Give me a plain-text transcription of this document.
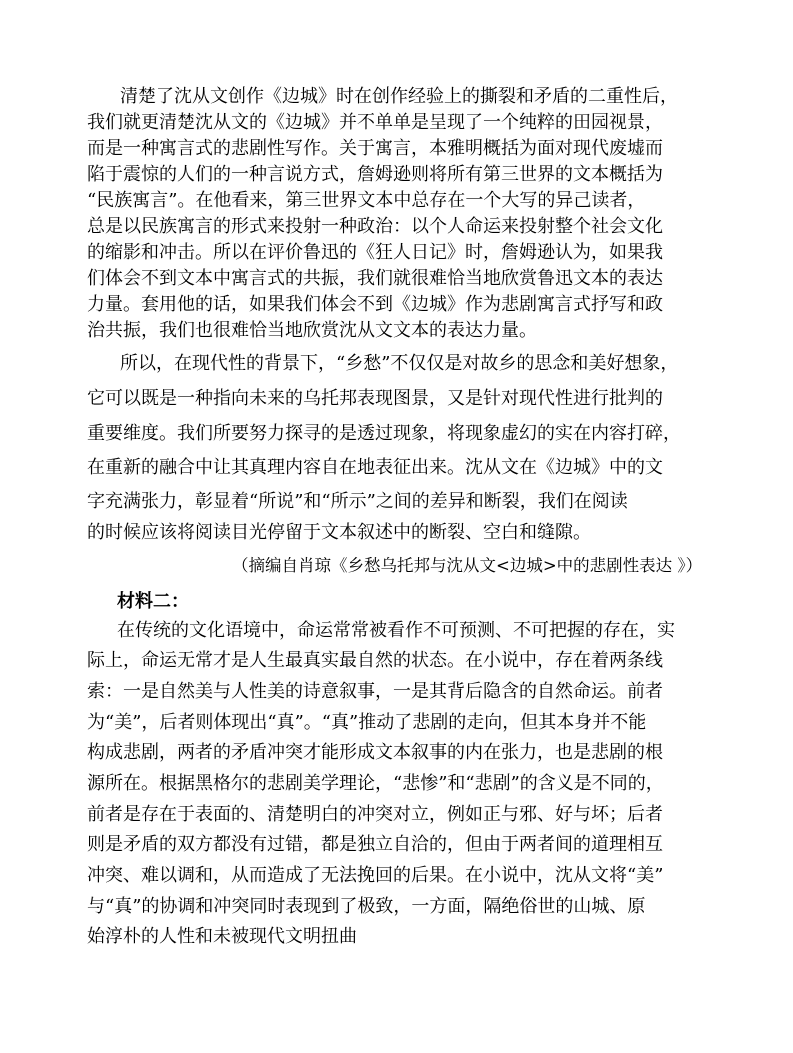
清楚了沈从文创作《边城》时在创作经验上的撕裂和矛盾的二重性后，
我们就更清楚沈从文的《边城》并不单单是呈现了一个纯粹的田园视景，
而是一种寓言式的悲剧性写作。关于寓言，本雅明概括为面对现代废墟而
陷于震惊的人们的一种言说方式，詹姆逊则将所有第三世界的文本概括为
“民族寓言”。在他看来，第三世界文本中总存在一个大写的异己读者，
总是以民族寓言的形式来投射一种政治：以个人命运来投射整个社会文化
的缩影和冲击。所以在评价鲁迅的《狂人日记》时，詹姆逊认为，如果我
们体会不到文本中寓言式的共振，我们就很难恰当地欣赏鲁迅文本的表达
力量。套用他的话，如果我们体会不到《边城》作为悲剧寓言式抒写和政
治共振，我们也很难恰当地欣赏沈从文文本的表达力量。
所以，在现代性的背景下，“乡愁”不仅仅是对故乡的思念和美好想象，
它可以既是一种指向未来的乌托邦表现图景，又是针对现代性进行批判的
重要维度。我们所要努力探寻的是透过现象，将现象虚幻的实在内容打碎，
在重新的融合中让其真理内容自在地表征出来。沈从文在《边城》中的文
字充满张力，彰显着“所说”和“所示”之间的差异和断裂，我们在阅读
的时候应该将阅读目光停留于文本叙述中的断裂、空白和缝隙。
（摘编自肖琼《乡愁乌托邦与沈从文<边城>中的悲剧性表达 》）
材料二：
在传统的文化语境中，命运常常被看作不可预测、不可把握的存在，实
际上，命运无常才是人生最真实最自然的状态。在小说中，存在着两条线
索：一是自然美与人性美的诗意叙事，一是其背后隐含的自然命运。前者
为“美”，后者则体现出“真”。“真”推动了悲剧的走向，但其本身并不能
构成悲剧，两者的矛盾冲突才能形成文本叙事的内在张力，也是悲剧的根
源所在。根据黑格尔的悲剧美学理论，“悲惨”和“悲剧”的含义是不同的，
前者是存在于表面的、清楚明白的冲突对立，例如正与邪、好与坏；后者
则是矛盾的双方都没有过错，都是独立自洽的，但由于两者间的道理相互
冲突、难以调和，从而造成了无法挽回的后果。在小说中，沈从文将“美”
与“真”的协调和冲突同时表现到了极致，一方面，隔绝俗世的山城、原
始淳朴的人性和未被现代文明扭曲
